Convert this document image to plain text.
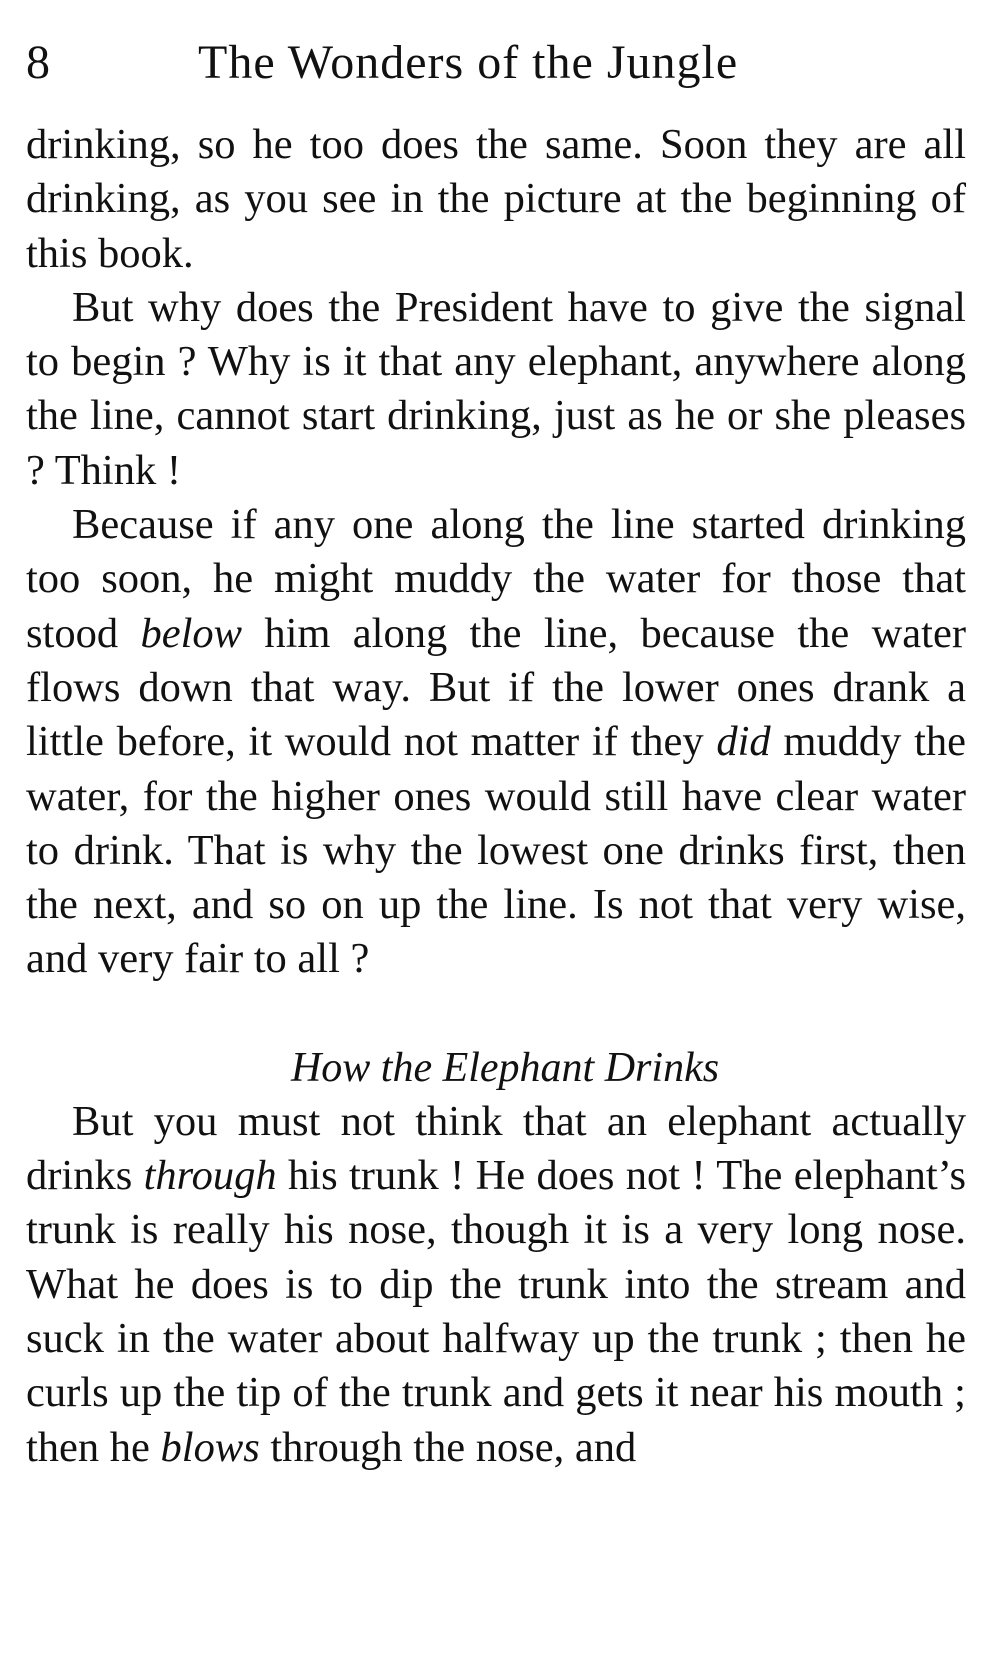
8	The Wonders of the Jungle

drinking, so he too does the same. Soon they are all drinking, as you see in the picture at the beginning of this book.

But why does the President have to give the signal to begin ? Why is it that any elephant, anywhere along the line, cannot start drinking, just as he or she pleases ? Think !

Because if any one along the line started drinking too soon, he might muddy the water for those that stood below him along the line, because the water flows down that way. But if the lower ones drank a little before, it would not matter if they did muddy the water, for the higher ones would still have clear water to drink. That is why the lowest one drinks first, then the next, and so on up the line. Is not that very wise, and very fair to all ?

How the Elephant Drinks

But you must not think that an elephant actually drinks through his trunk ! He does not ! The elephant’s trunk is really his nose, though it is a very long nose. What he does is to dip the trunk into the stream and suck in the water about halfway up the trunk ; then he curls up the tip of the trunk and gets it near his mouth ; then he blows through the nose, and
